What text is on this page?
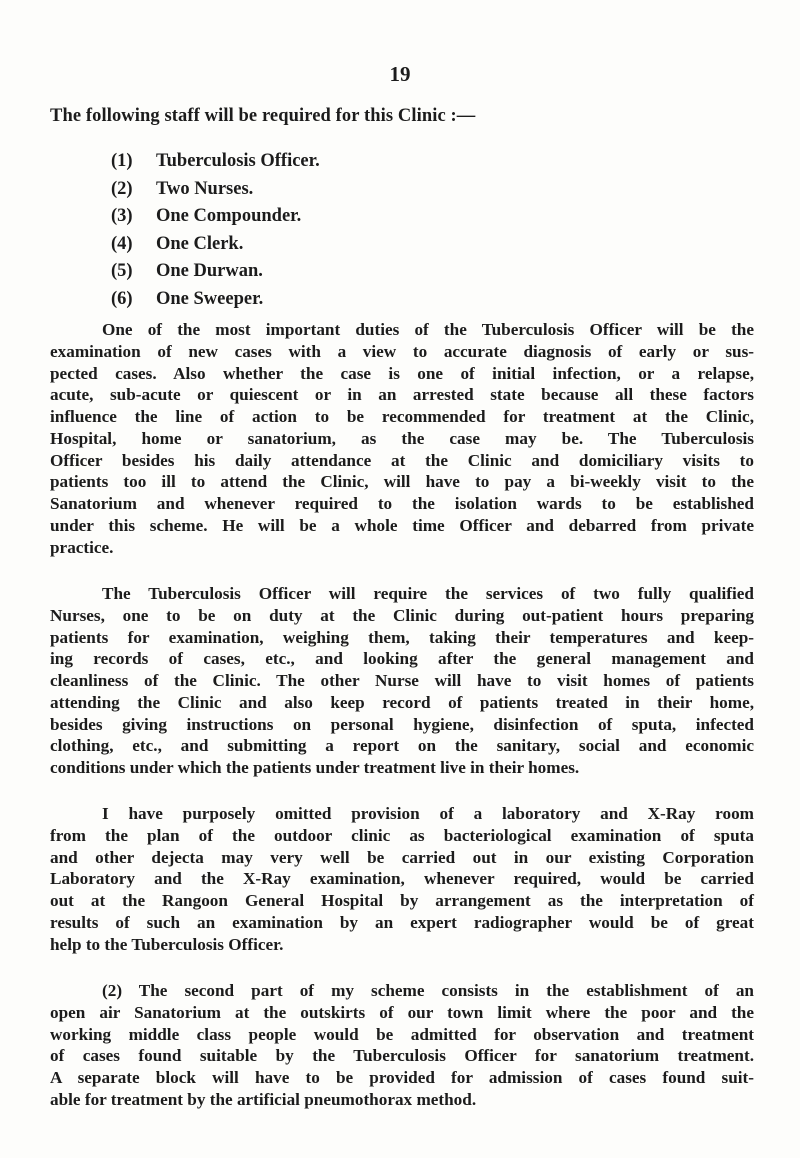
19
The following staff will be required for this Clinic :—
(1)	Tuberculosis Officer.
(2)	Two Nurses.
(3)	One Compounder.
(4)	One Clerk.
(5)	One Durwan.
(6)	One Sweeper.
One of the most important duties of the Tuberculosis Officer will be the
examination of new cases with a view to accurate diagnosis of early or sus-
pected cases. Also whether the case is one of initial infection, or a relapse,
acute, sub-acute or quiescent or in an arrested state because all these factors
influence the line of action to be recommended for treatment at the Clinic,
Hospital, home or sanatorium, as the case may be. The Tuberculosis
Officer besides his daily attendance at the Clinic and domiciliary visits to
patients too ill to attend the Clinic, will have to pay a bi-weekly visit to the
Sanatorium and whenever required to the isolation wards to be established
under this scheme. He will be a whole time Officer and debarred from private
practice.
The Tuberculosis Officer will require the services of two fully qualified
Nurses, one to be on duty at the Clinic during out-patient hours preparing
patients for examination, weighing them, taking their temperatures and keep-
ing records of cases, etc., and looking after the general management and
cleanliness of the Clinic. The other Nurse will have to visit homes of patients
attending the Clinic and also keep record of patients treated in their home,
besides giving instructions on personal hygiene, disinfection of sputa, infected
clothing, etc., and submitting a report on the sanitary, social and economic
conditions under which the patients under treatment live in their homes.
I have purposely omitted provision of a laboratory and X-Ray room
from the plan of the outdoor clinic as bacteriological examination of sputa
and other dejecta may very well be carried out in our existing Corporation
Laboratory and the X-Ray examination, whenever required, would be carried
out at the Rangoon General Hospital by arrangement as the interpretation of
results of such an examination by an expert radiographer would be of great
help to the Tuberculosis Officer.
(2) The second part of my scheme consists in the establishment of an
open air Sanatorium at the outskirts of our town limit where the poor and the
working middle class people would be admitted for observation and treatment
of cases found suitable by the Tuberculosis Officer for sanatorium treatment.
A separate block will have to be provided for admission of cases found suit-
able for treatment by the artificial pneumothorax method.
